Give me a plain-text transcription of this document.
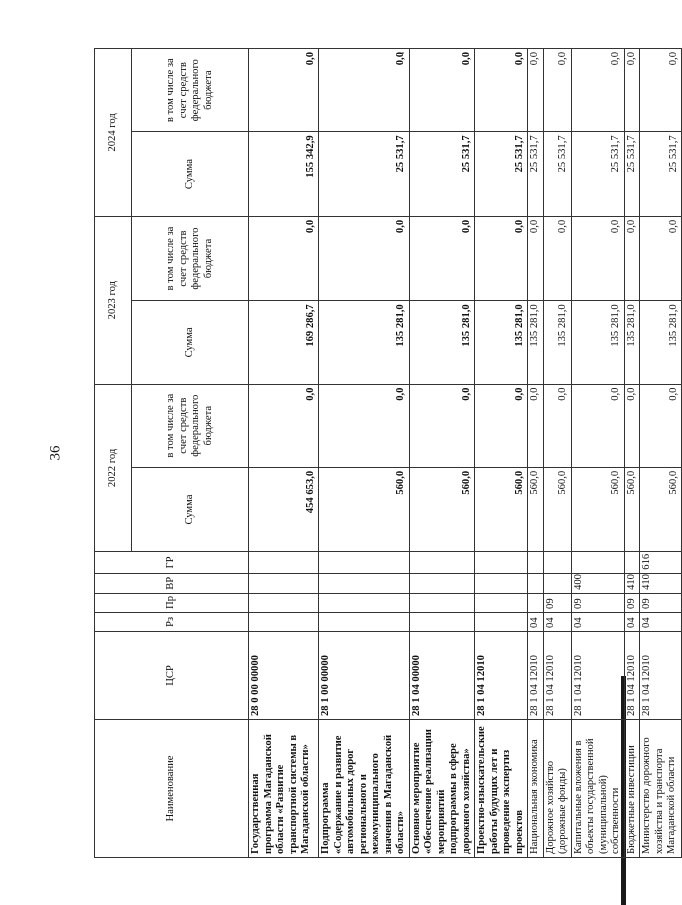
36
Наименование	ЦСР	Рз	Пр	ВР	ГР	2022 год		2023 год		2024 год	
						Сумма	в том числе за счет средств федерального бюджета	Сумма	в том числе за счет средств федерального бюджета	Сумма	в том числе за счет средств федерального бюджета
Государственная программа Магаданской области «Развитие транспортной системы в Магаданской области»	28 0 00 00000					454 653,0	0,0	169 286,7	0,0	155 342,9	0,0
Подпрограмма «Содержание и развитие автомобильных дорог регионального и межмуниципального значения в Магаданской области»	28 1 00 00000					560,0	0,0	135 281,0	0,0	25 531,7	0,0
Основное мероприятие «Обеспечение реализации мероприятий подпрограммы в сфере дорожного хозяйства»	28 1 04 00000					560,0	0,0	135 281,0	0,0	25 531,7	0,0
Проектно-изыскательские работы будущих лет и проведение экспертиз проектов	28 1 04 12010					560,0	0,0	135 281,0	0,0	25 531,7	0,0
Национальная экономика	28 1 04 12010	04				560,0	0,0	135 281,0	0,0	25 531,7	0,0
Дорожное хозяйство (дорожные фонды)	28 1 04 12010	04	09			560,0	0,0	135 281,0	0,0	25 531,7	0,0
Капитальные вложения в объекты государственной (муниципальной) собственности	28 1 04 12010	04	09	400		560,0	0,0	135 281,0	0,0	25 531,7	0,0
Бюджетные инвестиции	28 1 04 12010	04	09	410		560,0	0,0	135 281,0	0,0	25 531,7	0,0
Министерство дорожного хозяйства и транспорта Магаданской области	28 1 04 12010	04	09	410	616	560,0	0,0	135 281,0	0,0	25 531,7	0,0
